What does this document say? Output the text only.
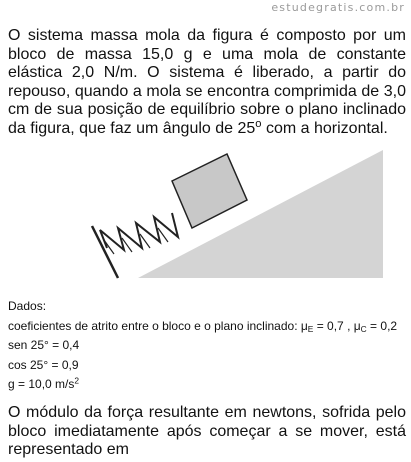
estudegratis.com.br
O sistema massa mola da figura é composto por um bloco de massa 15,0 g e uma mola de constante elástica 2,0 N/m. O sistema é liberado, a partir do repouso, quando a mola se encontra comprimida de 3,0 cm de sua posição de equilíbrio sobre o plano inclinado da figura, que faz um ângulo de 25$^o$ com a horizontal.
Dados:
coeficientes de atrito entre o bloco e o plano inclinado: $\mu_E = 0,7$ , $\mu_C = 0,2$
sen 25° = 0,4
cos 25° = 0,9
g = 10,0 $m/s^2$
O módulo da força resultante em newtons, sofrida pelo bloco imediatamente após começar a se mover, está representado em
